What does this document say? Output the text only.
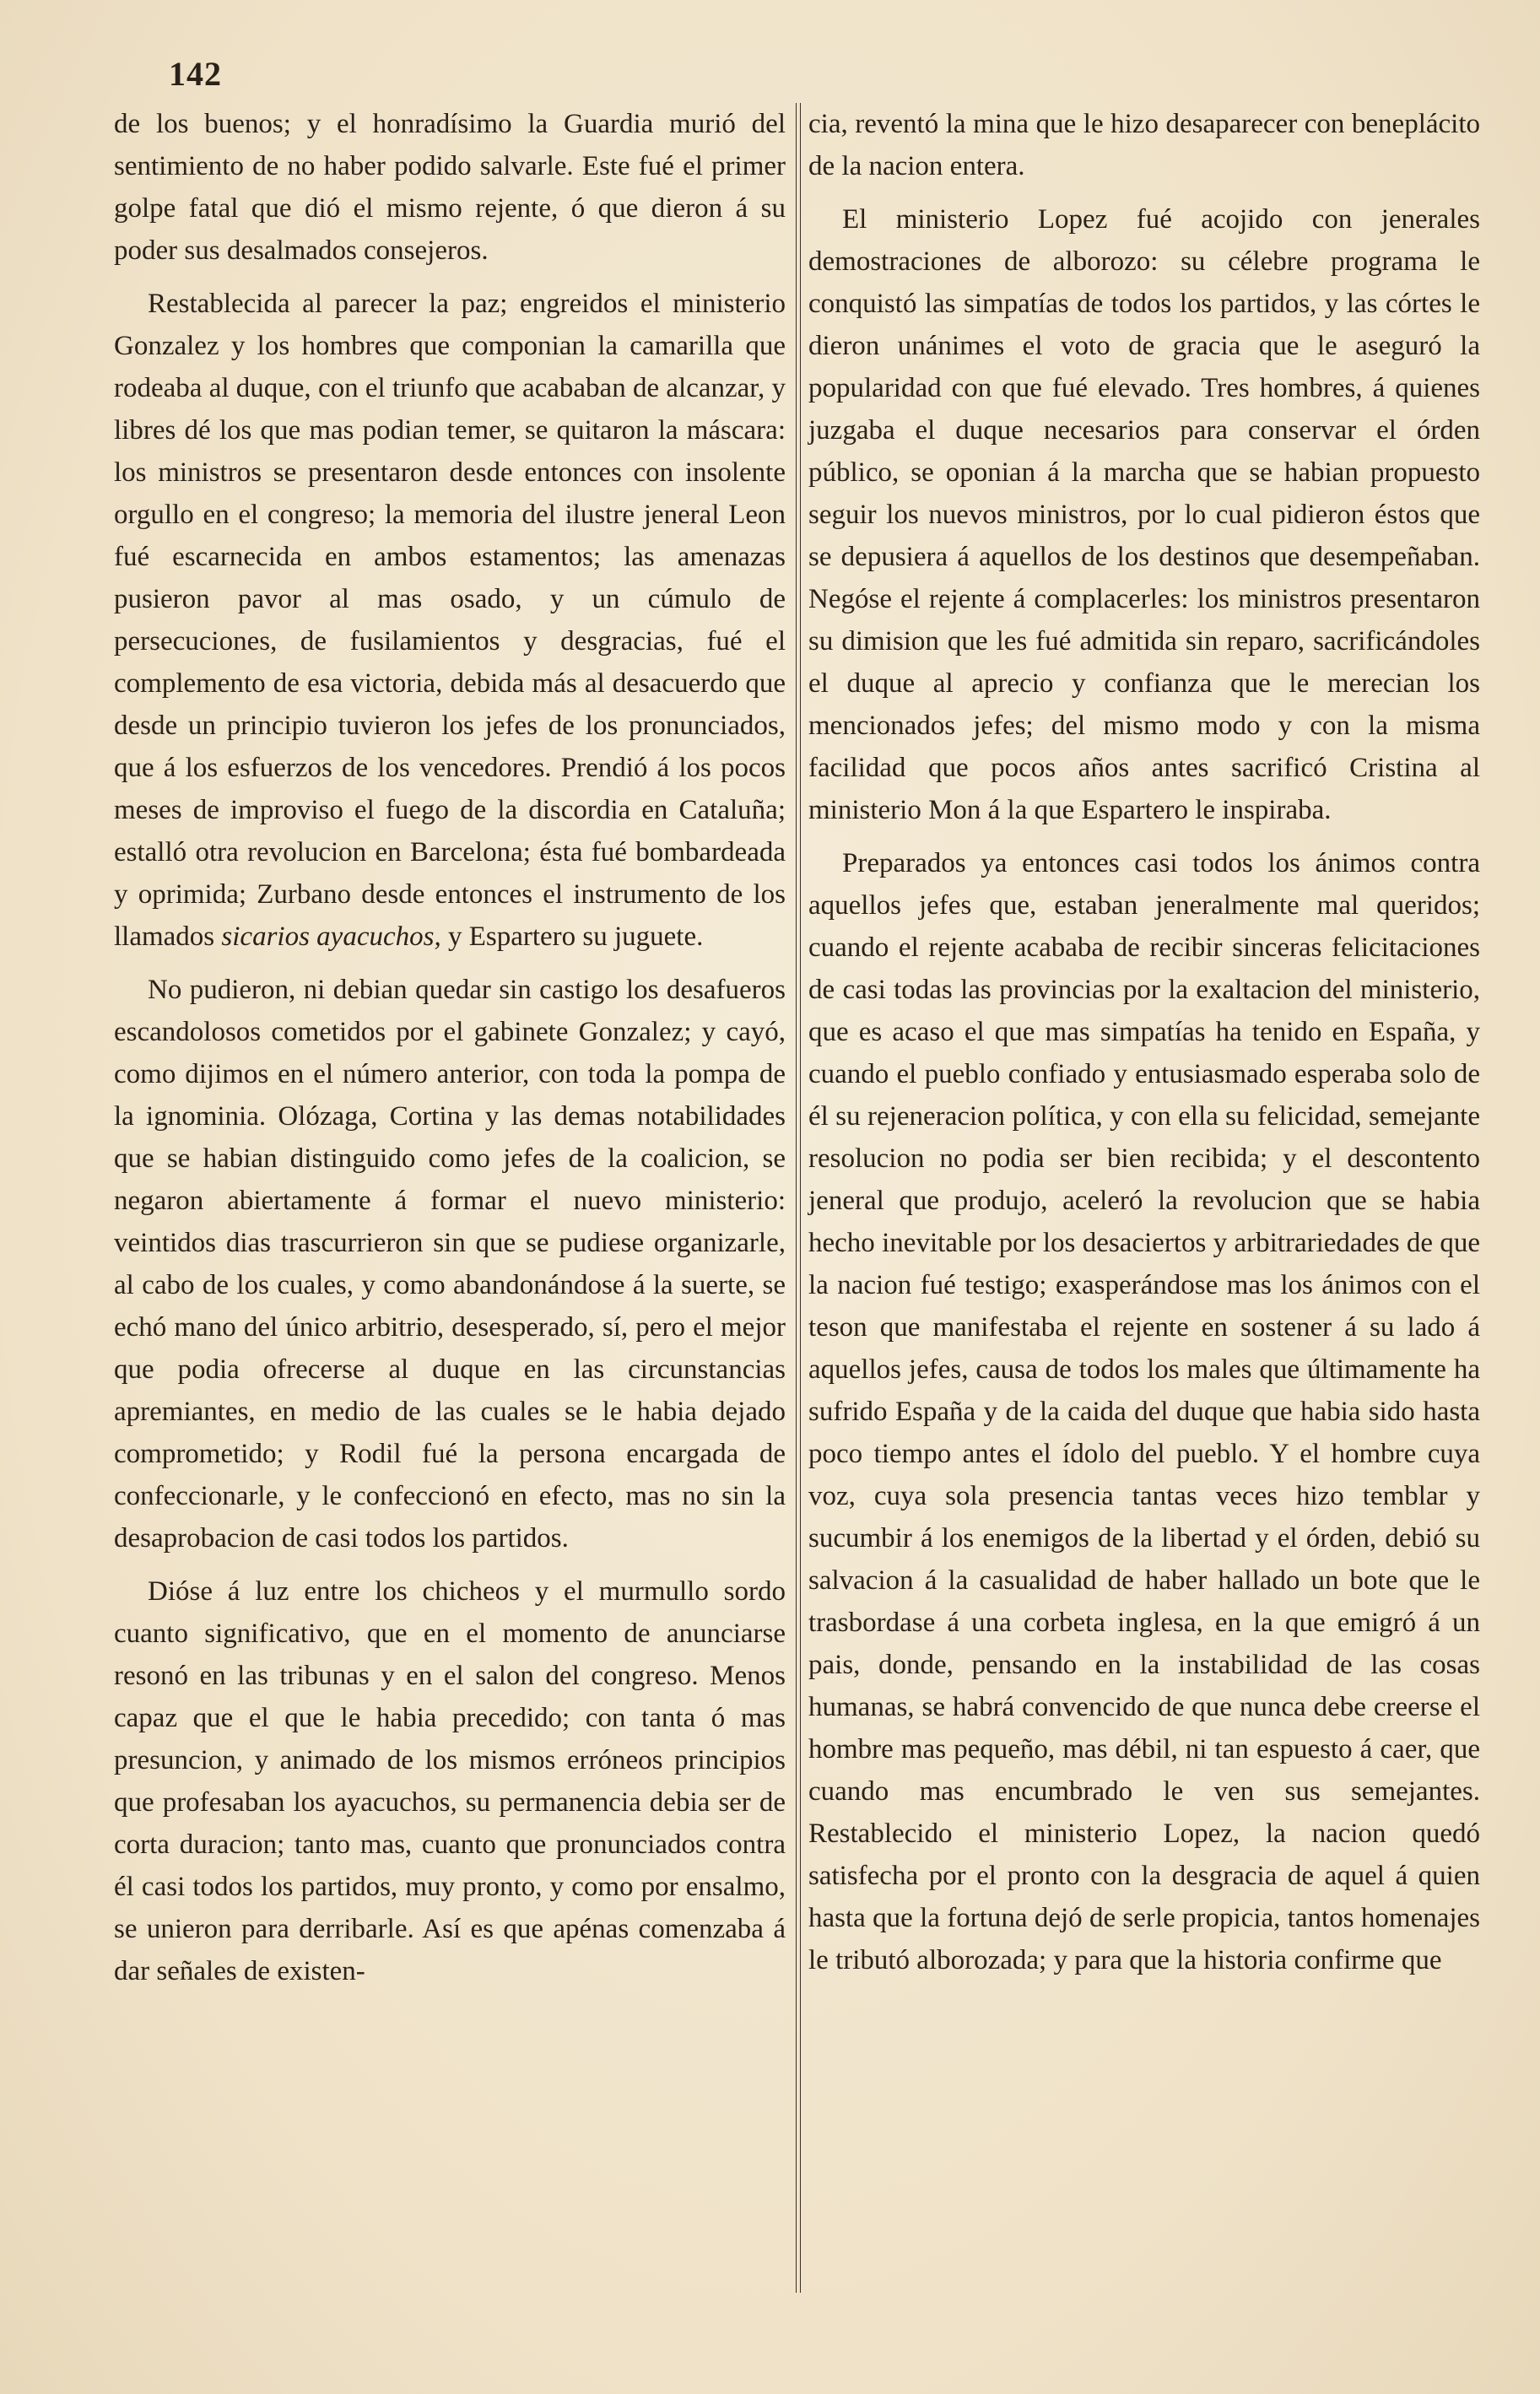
142

de los buenos; y el honradísimo la Guardia murió del sentimiento de no haber podido salvarle. Este fué el primer golpe fatal que dió el mismo rejente, ó que dieron á su poder sus desalmados consejeros.

Restablecida al parecer la paz; engreidos el ministerio Gonzalez y los hombres que componian la camarilla que rodeaba al duque, con el triunfo que acababan de alcanzar, y libres dé los que mas podian temer, se quitaron la máscara: los ministros se presentaron desde entonces con insolente orgullo en el congreso; la memoria del ilustre jeneral Leon fué escarnecida en ambos estamentos; las amenazas pusieron pavor al mas osado, y un cúmulo de persecuciones, de fusilamientos y desgracias, fué el complemento de esa victoria, debida más al desacuerdo que desde un principio tuvieron los jefes de los pronunciados, que á los esfuerzos de los vencedores. Prendió á los pocos meses de improviso el fuego de la discordia en Cataluña; estalló otra revolucion en Barcelona; ésta fué bombardeada y oprimida; Zurbano desde entonces el instrumento de los llamados sicarios ayacuchos, y Espartero su juguete.

No pudieron, ni debian quedar sin castigo los desafueros escandolosos cometidos por el gabinete Gonzalez; y cayó, como dijimos en el número anterior, con toda la pompa de la ignominia. Olózaga, Cortina y las demas notabilidades que se habian distinguido como jefes de la coalicion, se negaron abiertamente á formar el nuevo ministerio: veintidos dias trascurrieron sin que se pudiese organizarle, al cabo de los cuales, y como abandonándose á la suerte, se echó mano del único arbitrio, desesperado, sí, pero el mejor que podia ofrecerse al duque en las circunstancias apremiantes, en medio de las cuales se le habia dejado comprometido; y Rodil fué la persona encargada de confeccionarle, y le confeccionó en efecto, mas no sin la desaprobacion de casi todos los partidos.

Dióse á luz entre los chicheos y el murmullo sordo cuanto significativo, que en el momento de anunciarse resonó en las tribunas y en el salon del congreso. Menos capaz que el que le habia precedido; con tanta ó mas presuncion, y animado de los mismos erróneos principios que profesaban los ayacuchos, su permanencia debia ser de corta duracion; tanto mas, cuanto que pronunciados contra él casi todos los partidos, muy pronto, y como por ensalmo, se unieron para derribarle. Así es que apénas comenzaba á dar señales de existen-

cia, reventó la mina que le hizo desaparecer con beneplácito de la nacion entera.

El ministerio Lopez fué acojido con jenerales demostraciones de alborozo: su célebre programa le conquistó las simpatías de todos los partidos, y las córtes le dieron unánimes el voto de gracia que le aseguró la popularidad con que fué elevado. Tres hombres, á quienes juzgaba el duque necesarios para conservar el órden público, se oponian á la marcha que se habian propuesto seguir los nuevos ministros, por lo cual pidieron éstos que se depusiera á aquellos de los destinos que desempeñaban. Negóse el rejente á complacerles: los ministros presentaron su dimision que les fué admitida sin reparo, sacrificándoles el duque al aprecio y confianza que le merecian los mencionados jefes; del mismo modo y con la misma facilidad que pocos años antes sacrificó Cristina al ministerio Mon á la que Espartero le inspiraba.

Preparados ya entonces casi todos los ánimos contra aquellos jefes que, estaban jeneralmente mal queridos; cuando el rejente acababa de recibir sinceras felicitaciones de casi todas las provincias por la exaltacion del ministerio, que es acaso el que mas simpatías ha tenido en España, y cuando el pueblo confiado y entusiasmado esperaba solo de él su rejeneracion política, y con ella su felicidad, semejante resolucion no podia ser bien recibida; y el descontento jeneral que produjo, aceleró la revolucion que se habia hecho inevitable por los desaciertos y arbitrariedades de que la nacion fué testigo; exasperándose mas los ánimos con el teson que manifestaba el rejente en sostener á su lado á aquellos jefes, causa de todos los males que últimamente ha sufrido España y de la caida del duque que habia sido hasta poco tiempo antes el ídolo del pueblo. Y el hombre cuya voz, cuya sola presencia tantas veces hizo temblar y sucumbir á los enemigos de la libertad y el órden, debió su salvacion á la casualidad de haber hallado un bote que le trasbordase á una corbeta inglesa, en la que emigró á un pais, donde, pensando en la instabilidad de las cosas humanas, se habrá convencido de que nunca debe creerse el hombre mas pequeño, mas débil, ni tan espuesto á caer, que cuando mas encumbrado le ven sus semejantes. Restablecido el ministerio Lopez, la nacion quedó satisfecha por el pronto con la desgracia de aquel á quien hasta que la fortuna dejó de serle propicia, tantos homenajes le tributó alborozada; y para que la historia confirme que
